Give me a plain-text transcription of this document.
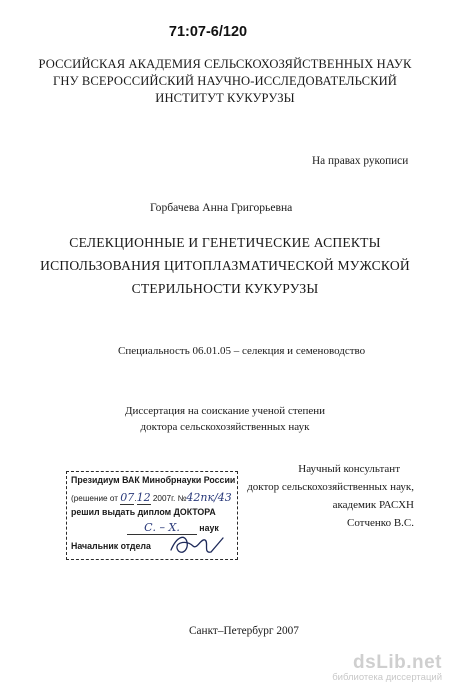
71:07-6/120
РОССИЙСКАЯ АКАДЕМИЯ СЕЛЬСКОХОЗЯЙСТВЕННЫХ НАУК
ГНУ ВСЕРОССИЙСКИЙ НАУЧНО-ИССЛЕДОВАТЕЛЬСКИЙ
ИНСТИТУТ КУКУРУЗЫ
На правах рукописи
Горбачева Анна Григорьевна
СЕЛЕКЦИОННЫЕ И ГЕНЕТИЧЕСКИЕ АСПЕКТЫ
ИСПОЛЬЗОВАНИЯ ЦИТОПЛАЗМАТИЧЕСКОЙ МУЖСКОЙ
СТЕРИЛЬНОСТИ КУКУРУЗЫ
Специальность 06.01.05 – селекция и семеноводство
Диссертация на соискание ученой степени
доктора сельскохозяйственных наук
Научный консультант
доктор сельскохозяйственных наук,
академик РАСХН
Сотченко В.С.
Президиум ВАК Минобрнауки России
(решение от 07.12 2007г. №42пк/43
решил выдать диплом ДОКТОРА
С. – Х. наук
Начальник отдела
Санкт–Петербург 2007
dsLib.net
библиотека диссертаций
